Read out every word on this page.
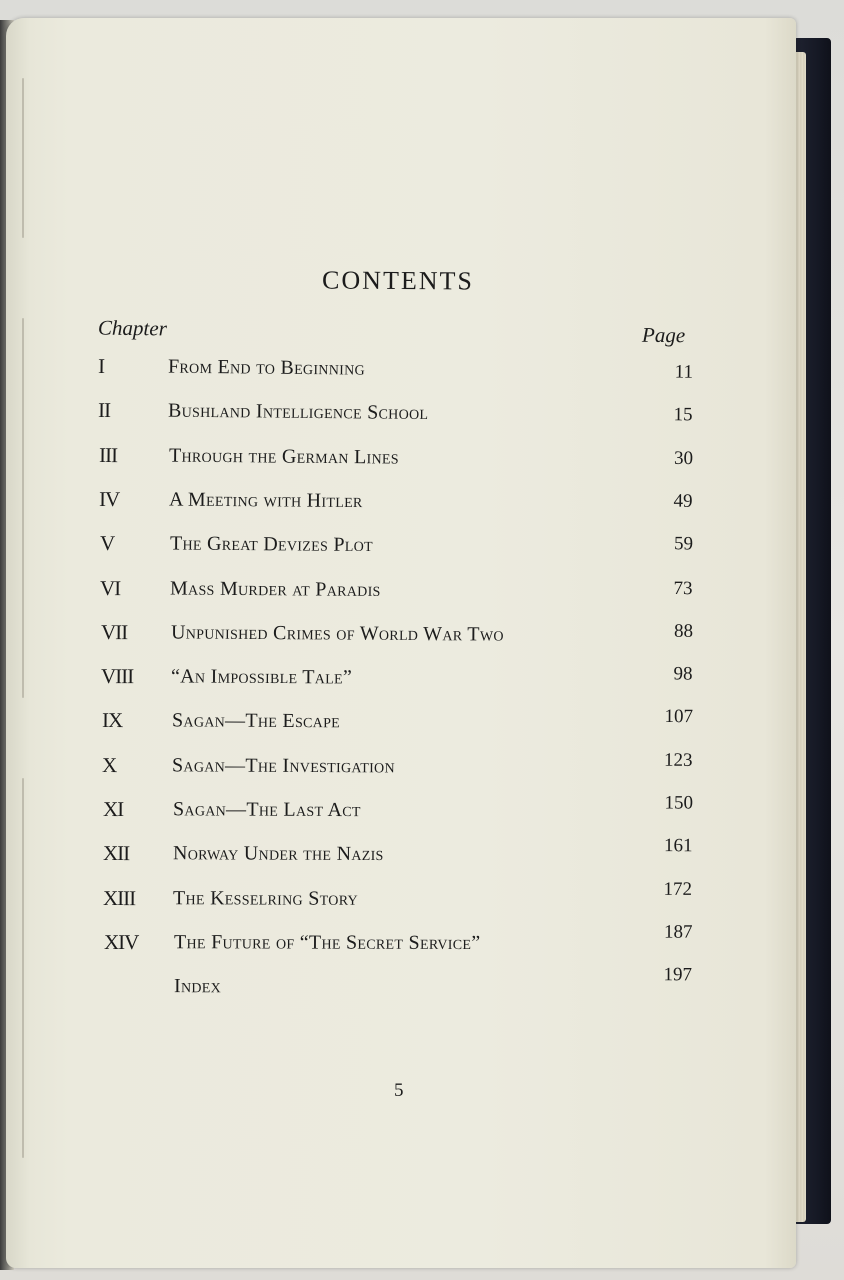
CONTENTS
Chapter	Page
I	From End to Beginning	11
II	Bushland Intelligence School	15
III	Through the German Lines	30
IV A Meeting with Hitler	49
V	The Great Devizes Plot	59
VI Mass Murder at Paradis	73
VII Unpunished Crimes of World War Two	88
VIII “An Impossible Tale”	98
IX Sagan—The Escape	107
X	Sagan—The Investigation	123
XI Sagan—The Last Act	150
XII Norway Under the Nazis	161
XIII The Kesselring Story	172
XIV The Future of “The Secret Service”	187
Index	197
5
